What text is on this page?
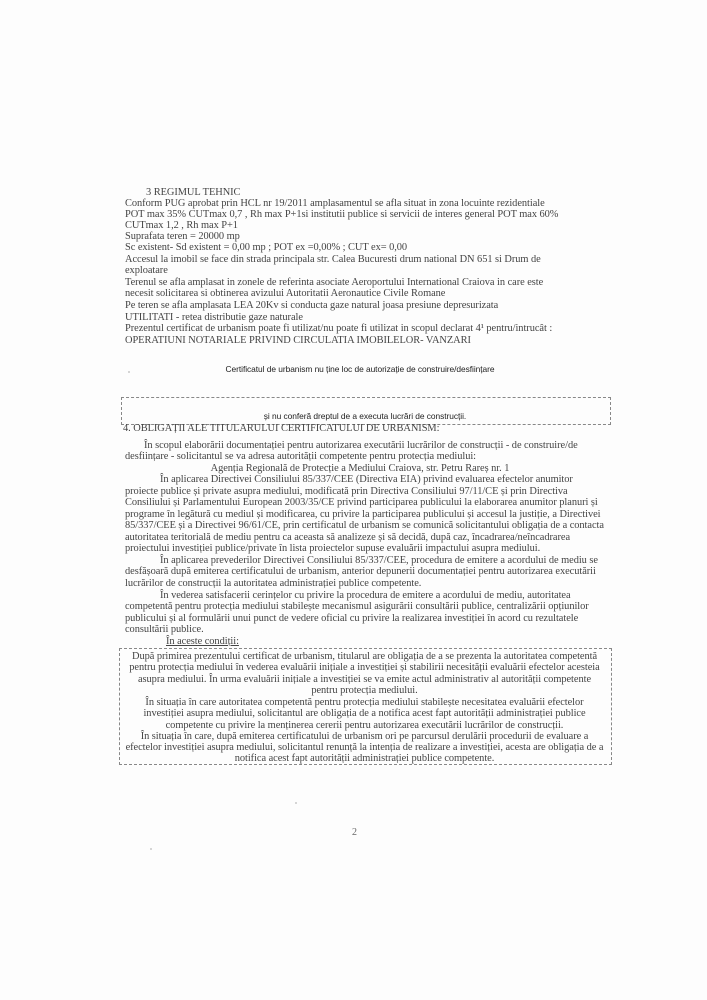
3 REGIMUL TEHNIC
Conform PUG aprobat prin HCL nr 19/2011 amplasamentul se afla situat in zona locuinte rezidentiale
POT max 35% CUTmax 0,7 , Rh max P+1si institutii publice si servicii de interes general POT max 60%
CUTmax 1,2 , Rh max P+1
Suprafata teren = 20000 mp
Sc existent- Sd existent = 0,00 mp ; POT ex =0,00% ; CUT ex= 0,00
Accesul la imobil se face din strada principala str. Calea Bucuresti drum national DN 651 si Drum de
exploatare
Terenul se afla amplasat in zonele de referinta asociate Aeroportului International Craiova in care este
necesit solicitarea si obtinerea avizului Autoritatii Aeronautice Civile Romane
Pe teren se afla amplasata LEA 20Kv si conducta gaze natural joasa presiune depresurizata
UTILITATI - retea distributie gaze naturale
Prezentul certificat de urbanism poate fi utilizat/nu poate fi utilizat in scopul declarat 4¹ pentru/intrucât :
OPERATIUNI NOTARIALE PRIVIND CIRCULATIA IMOBILELOR- VANZARI
Certificatul de urbanism nu ține loc de autorizație de construire/desființare
și nu conferă dreptul de a executa lucrări de construcții.
4. OBLIGAȚII ALE TITULARULUI CERTIFICATULUI DE URBANISM:
În scopul elaborării documentației pentru autorizarea executării lucrărilor de construcții - de construire/de
desființare - solicitantul se va adresa autorității competente pentru protecția mediului:
Agenția Regională de Protecție a Mediului Craiova, str. Petru Rareș nr. 1
În aplicarea Directivei Consiliului 85/337/CEE (Directiva EIA) privind evaluarea efectelor anumitor
proiecte publice și private asupra mediului, modificată prin Directiva Consiliului 97/11/CE și prin Directiva
Consiliului și Parlamentului European 2003/35/CE privind participarea publicului la elaborarea anumitor planuri și
programe în legătură cu mediul și modificarea, cu privire la participarea publicului și accesul la justiție, a Directivei
85/337/CEE și a Directivei 96/61/CE, prin certificatul de urbanism se comunică solicitantului obligația de a contacta
autoritatea teritorială de mediu pentru ca aceasta să analizeze și să decidă, după caz, încadrarea/neîncadrarea
proiectului investiției publice/private în lista proiectelor supuse evaluării impactului asupra mediului.
În aplicarea prevederilor Directivei Consiliului 85/337/CEE, procedura de emitere a acordului de mediu se
desfășoară după emiterea certificatului de urbanism, anterior depunerii documentației pentru autorizarea executării
lucrărilor de construcții la autoritatea administrației publice competente.
În vederea satisfacerii cerințelor cu privire la procedura de emitere a acordului de mediu, autoritatea
competentă pentru protecția mediului stabilește mecanismul asigurării consultării publice, centralizării opțiunilor
publicului și al formulării unui punct de vedere oficial cu privire la realizarea investiției în acord cu rezultatele
consultării publice.
În aceste condiții:
După primirea prezentului certificat de urbanism, titularul are obligația de a se prezenta la autoritatea competentă
pentru protecția mediului în vederea evaluării inițiale a investiției și stabilirii necesității evaluării efectelor acesteia
asupra mediului. În urma evaluării inițiale a investiției se va emite actul administrativ al autorității competente
pentru protecția mediului.
În situația în care autoritatea competentă pentru protecția mediului stabilește necesitatea evaluării efectelor
investiției asupra mediului, solicitantul are obligația de a notifica acest fapt autorității administrației publice
competente cu privire la menținerea cererii pentru autorizarea executării lucrărilor de construcții.
În situația în care, după emiterea certificatului de urbanism ori pe parcursul derulării procedurii de evaluare a
efectelor investiției asupra mediului, solicitantul renunță la intenția de realizare a investiției, acesta are obligația de a
notifica acest fapt autorității administrației publice competente.
2
